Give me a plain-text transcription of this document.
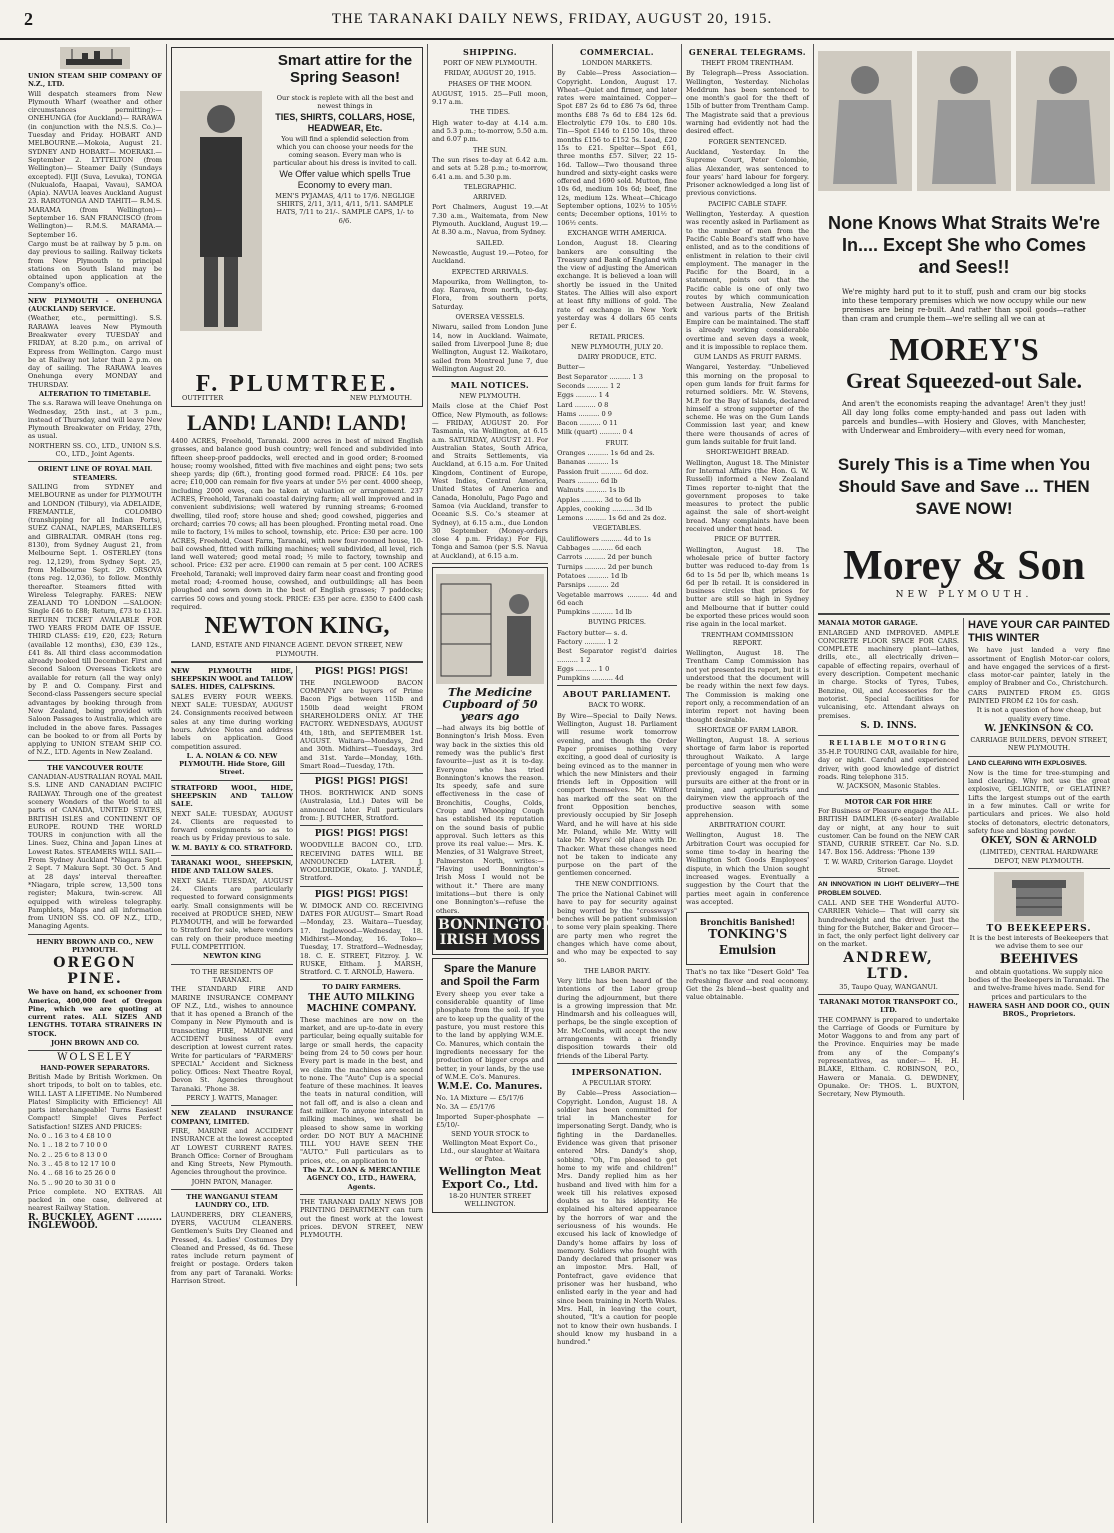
2	THE TARANAKI DAILY NEWS, FRIDAY, AUGUST 20, 1915.

UNION STEAM SHIP COMPANY OF N.Z., LTD.

Will despatch steamers from New Plymouth Wharf (weather and other circumstances permitting):— ONEHUNGA (for Auckland)— RARAWA (in conjunction with the N.S.S. Co.)—Tuesday and Friday. HOBART AND MELBOURNE.—Mokoia, August 21. SYDNEY AND HOBART— MOERAKI.—September 2. LYTTELTON (from Wellington)— Steamer Daily (Sundays excepted). FIJI (Suva, Levuka), TONGA (Nukualofa, Haapai, Vavau), SAMOA (Apia). NAVUA leaves Auckland August 23. RAROTONGA AND TAHITI— R.M.S. MARAMA (from Wellington)— September 16. SAN FRANCISCO (from Wellington)— R.M.S. MARAMA.—September 16.

Cargo must be at railway by 5 p.m. on day previous to sailing. Railway tickets from New Plymouth to principal stations on South Island may be obtained upon application at the Company's office.

NEW PLYMOUTH - ONEHUNGA (AUCKLAND) SERVICE.

(Weather, etc., permitting). S.S. RARAWA leaves New Plymouth Breakwater every TUESDAY and FRIDAY, at 8.20 p.m., on arrival of Express from Wellington. Cargo must be at Railway not later than 2 p.m. on day of sailing. The RARAWA leaves Onehunga every MONDAY and THURSDAY.

ALTERATION TO TIMETABLE.

The s.s. Rarawa will leave Onehunga on Wednesday, 25th inst., at 3 p.m., instead of Thursday, and will leave New Plymouth Breakwater on Friday, 27th, as usual.

NORTHERN SS. CO., LTD., UNION S.S. CO., LTD., Joint Agents.

ORIENT LINE OF ROYAL MAIL STEAMERS.

SAILING from SYDNEY and MELBOURNE as under for PLYMOUTH and LONDON (Tilbury), via ADELAIDE, FREMANTLE, COLOMBO (transhipping for all Indian Ports), SUEZ CANAL, NAPLES, MARSEILLES and GIBRALTAR. OMRAH (tons reg. 8130), from Sydney August 21, from Melbourne Sept. 1. OSTERLEY (tons reg. 12,129), from Sydney Sept. 25, from Melbourne Sept. 29. ORSOVA (tons reg. 12,036), to follow. Monthly thereafter. Steamers fitted with Wireless Telegraphy. FARES: NEW ZEALAND TO LONDON —SALOON: Single £46 to £88; Return, £73 to £132. RETURN TICKET AVAILABLE FOR TWO YEARS FROM DATE OF ISSUE. THIRD CLASS: £19, £20, £23; Return (available 12 months), £30, £39 12s., £41 8s. All third class accommodation already booked till December. First and Second Saloon Overseas Tickets are available for return (all the way only) by P. and O. Company. First and Second-class Passengers secure special advantages by booking through from New Zealand, being provided with Saloon Passages to Australia, which are included in the above fares. Passages can be booked to or from all Ports by applying to UNION STEAM SHIP CO. of N.Z., LTD. Agents in New Zealand.

THE VANCOUVER ROUTE

CANADIAN-AUSTRALIAN ROYAL MAIL S.S. LINE AND CANADIAN PACIFIC RAILWAY. Through one of the greatest scenery Wonders of the World to all parts of CANADA, UNITED STATES, BRITISH ISLES and CONTINENT OF EUROPE. ROUND THE WORLD TOURS in conjunction with all the Lines. Suez, China and Japan Lines at Lowest Rates. STEAMERS WILL SAIL— From Sydney Auckland *Niagara Sept. 2 Sept. 7 Makura Sept. 30 Oct. 5 And at 28 days' interval thereafter. *Niagara, triple screw, 13,500 tons register; Makura, twin-screw. All equipped with wireless telegraphy. Pamphlets, Maps and all information from UNION SS. CO. OF N.Z., LTD., Managing Agents.

HENRY BROWN AND CO., NEW PLYMOUTH.

OREGON PINE.

We have on hand, ex schooner from America, 400,000 feet of Oregon Pine, which we are quoting at current rates. ALL SIZES AND LENGTHS. TOTARA STRAINERS IN STOCK.

JOHN BROWN AND CO.

WOLSELEY

HAND-POWER SEPARATORS.

British Made by British Workmen. On short tripods, to bolt on to tables, etc. WILL LAST A LIFETIME. No Numbered Plates! Simplicity with Efficiency! All parts interchangeable! Turns Easiest! Compact! Simple! Gives Perfect Satisfaction! SIZES AND PRICES:

No. 0 .. 16 3 to 4 £8 10 0

No. 1 .. 18 2 to 7 10 0 0

No. 2 .. 25 6 to 8 13 0 0

No. 3 .. 45 8 to 12 17 10 0

No. 4 .. 68 16 to 25 26 0 0

No. 5 .. 90 20 to 30 31 0 0

Price complete. NO EXTRAS. All packed in one case, delivered at nearest Railway Station.

R. BUCKLEY, AGENT ........ INGLEWOOD.

Smart attire for the Spring Season!

Our stock is replete with all the best and newest things in

TIES, SHIRTS, COLLARS, HOSE, HEADWEAR, Etc.

You will find a splendid selection from which you can choose your needs for the coming season. Every man who is particular about his dress is invited to call.

We Offer value which spells True Economy to every man.

MEN'S PYJAMAS, 4/11 to 17/6. NEGLIGE SHIRTS, 2/11, 3/11, 4/11, 5/11. SAMPLE HATS, 7/11 to 21/-. SAMPLE CAPS, 1/- to 6/6.

F. PLUMTREE.
OUTFITTER	NEW PLYMOUTH.
LAND! LAND! LAND!

4400 ACRES, Freehold, Taranaki. 2000 acres in best of mixed English grasses, and balance good bush country; well fenced and subdivided into fifteen sheep-proof paddocks, well erected and in good order; 8-roomed house; roomy woolshed, fitted with five machines and eight pens; two sets sheep yards; dip (6ft.), fronting good formed road. PRICE: £4 10s. per acre; £10,000 can remain for five years at under 5½ per cent. 4000 sheep, including 2000 ewes, can be taken at valuation or arrangement. 237 ACRES, Freehold, Taranaki coastal dairying farm; all well improved and in convenient subdivisions; well watered by running streams; 6-roomed dwelling, tiled roof; store house and shed; good cowshed, piggeries and orchard; carries 70 cows; all has been ploughed. Fronting metal road. One mile to factory, 1¼ miles to school, township, etc. Price: £30 per acre. 100 ACRES, Freehold, Coast Farm, Taranaki, with new four-roomed house, 10-bail cowshed, fitted with milking machines; well subdivided, all level, rich land well watered; good metal road; ½ mile to factory, township and school. Price: £32 per acre. £1900 can remain at 5 per cent. 100 ACRES Freehold, Taranaki; well improved dairy farm near coast and fronting good metal road; 4-roomed house, cowshed, and outbuildings; all has been ploughed and sown down in the best of English grasses; 7 paddocks; carries 50 cows and young stock. PRICE: £35 per acre. £350 to £400 cash required.

NEWTON KING,

LAND, ESTATE AND FINANCE AGENT. DEVON STREET, NEW PLYMOUTH.

NEW PLYMOUTH HIDE, SHEEPSKIN WOOL and TALLOW SALES. HIDES, CALFSKINS.

SALES EVERY FOUR WEEKS. NEXT SALE: TUESDAY, AUGUST 24. Consignments received between sales at any time during working hours. Advice Notes and address labels on application. Good competition assured.

L. A. NOLAN & CO. NEW PLYMOUTH. Hide Store, Gill Street.

STRATFORD WOOL, HIDE, SHEEPSKIN AND TALLOW SALE.

NEXT SALE: TUESDAY, AUGUST 24. Clients are requested to forward consignments so as to reach us by Friday previous to sale.

W. M. BAYLY & CO. STRATFORD.

TARANAKI WOOL, SHEEPSKIN, HIDE AND TALLOW SALES.

NEXT SALE: TUESDAY, AUGUST 24. Clients are particularly requested to forward consignments early. Small consignments will be received at PRODUCE SHED, NEW PLYMOUTH, and will be forwarded to Stratford for sale, where vendors can rely on their produce meeting FULL COMPETITION.

NEWTON KING

TO THE RESIDENTS OF TARANAKI.

THE STANDARD FIRE AND MARINE INSURANCE COMPANY OF N.Z., Ltd., wishes to announce that it has opened a Branch of the Company in New Plymouth and is transacting FIRE, MARINE and ACCIDENT business of every description at lowest current rates. Write for particulars of "FARMERS' SPECIAL" Accident and Sickness policy. Offices: Next Theatre Royal, Devon St. Agencies throughout Taranaki. 'Phone 38.

PERCY J. WATTS, Manager.

NEW ZEALAND INSURANCE COMPANY, LIMITED.

FIRE, MARINE and ACCIDENT INSURANCE at the lowest accepted AT LOWEST CURRENT RATES. Branch Office: Corner of Brougham and King Streets, New Plymouth. Agencies throughout the province.

JOHN PATON, Manager.

THE WANGANUI STEAM LAUNDRY CO., LTD.

LAUNDERERS, DRY CLEANERS, DYERS, VACUUM CLEANERS. Gentlemen's Suits Dry Cleaned and Pressed, 4s. Ladies' Costumes Dry Cleaned and Pressed, 4s 6d. These rates include return payment of freight or postage. Orders taken from any part of Taranaki. Works: Harrison Street.

PIGS! PIGS! PIGS!

THE INGLEWOOD BACON COMPANY are buyers of Prime Bacon Pigs between 115lb and 150lb dead weight FROM SHAREHOLDERS ONLY. AT THE FACTORY. WEDNESDAYS, AUGUST 4th, 18th, and SEPTEMBER 1st. AUGUST. Waitara—Mondays, 2nd and 30th. Midhirst—Tuesdays, 3rd and 31st. Yarde—Monday, 16th. Smart Road—Tuesday, 17th.

PIGS! PIGS! PIGS!

THOS. BORTHWICK AND SONS (Australasia, Ltd.) Dates will be announced later. Full particulars from: J. BUTCHER, Stratford.

PIGS! PIGS! PIGS!

WOODVILLE BACON CO., LTD. RECEIVING DATES WILL BE ANNOUNCED LATER. J. WOOLDRIDGE, Okato. J. YANDLE, Stratford.

PIGS! PIGS! PIGS!

W. DIMOCK AND CO. RECEIVING DATES FOR AUGUST— Smart Road—Monday, 23. Waitara—Tuesday, 17. Inglewood—Wednesday, 18. Midhirst—Monday, 16. Toko—Tuesday, 17. Stratford—Wednesday, 18. C. E. STREET, Fitzroy. J. W. RUSKE, Eltham. J. MARSH, Stratford. C. T. ARNOLD, Hawera.

TO DAIRY FARMERS.

THE AUTO MILKING MACHINE COMPANY.

These machines are now on the market, and are up-to-date in every particular, being equally suitable for large or small herds, the capacity being from 24 to 50 cows per hour. Every part is made in the best, and we claim the machines are second to none. The "Auto" Cup is a special feature of these machines. It leaves the teats in natural condition, will not fall off, and is also a clean and fast milker. To anyone interested in milking machines, we shall be pleased to show same in working order. DO NOT BUY A MACHINE TILL YOU HAVE SEEN THE "AUTO." Full particulars as to prices, etc., on application to

The N.Z. LOAN & MERCANTILE AGENCY CO., LTD., HAWERA, Agents.

THE TARANAKI DAILY NEWS JOB PRINTING DEPARTMENT can turn out the finest work at the lowest prices. DEVON STREET, NEW PLYMOUTH.

SHIPPING.
PORT OF NEW PLYMOUTH.
FRIDAY, AUGUST 20, 1915.
PHASES OF THE MOON.

AUGUST, 1915. 25—Full moon, 9.17 a.m.

THE TIDES.

High water to-day at 4.14 a.m. and 5.3 p.m.; to-morrow, 5.50 a.m. and 6.07 p.m.

THE SUN.

The sun rises to-day at 6.42 a.m. and sets at 5.28 p.m.; to-morrow, 6.41 a.m. and 5.30 p.m.

TELEGRAPHIC.
ARRIVED.

Port Chalmers, August 19.—At 7.30 a.m., Waitemata, from New Plymouth. Auckland, August 19.—At 8.30 a.m., Navua, from Sydney.

SAILED.

Newcastle, August 19.—Poteo, for Auckland.

EXPECTED ARRIVALS.

Mapourika, from Wellington, to-day. Rarawa, from north, to-day. Flora, from southern ports, Saturday.

OVERSEA VESSELS.

Niwaru, sailed from London June 14, now in Auckland. Waimate, sailed from Liverpool June 8; due Wellington, August 12. Waikotaro, sailed from Montreal June 7, due Wellington August 20.

MAIL NOTICES.
NEW PLYMOUTH.

Mails close at the Chief Post Office, New Plymouth, as follows:— FRIDAY, AUGUST 20. For Tasmania, via Wellington, at 6.15 a.m. SATURDAY, AUGUST 21. For Australian States, South Africa, and Straits Settlements, via Auckland, at 6.15 a.m. For United Kingdom, Continent of Europe, West Indies, Central America, United States of America and Canada, Honolulu, Pago Pago and Samoa (via Auckland, transfer to Oceanic S.S. Co.'s steamer at Sydney), at 6.15 a.m., due London 30 September. (Money-orders close 4 p.m. Friday.) For Fiji, Tonga and Samoa (per S.S. Navua at Auckland), at 6.15 a.m.

The Medicine Cupboard of 50 years ago

—had always its big bottle of Bonnington's Irish Moss. Even way back in the sixties this old remedy was the public's first favourite—just as it is to-day. Everyone who has tried Bonnington's knows the reason. Its speedy, safe and sure effectiveness in the case of Bronchitis, Coughs, Colds, Croup and Whooping Cough has established its reputation on the sound basis of public approval. Such letters as this prove its real value:— Mrs. K. Menzies, of 31 Walgrave Street, Palmerston North, writes:— "Having used Bonnington's Irish Moss I would not be without it." There are many imitations—but there is only one Bonnington's—refuse the others.

BONNINGTON'S IRISH MOSS

Spare the Manure and Spoil the Farm

Every sheep you ever take a considerable quantity of lime phosphate from the soil. If you are to keep up the quality of the pasture, you must restore this to the land by applying W.M.E. Co. Manures, which contain the ingredients necessary for the production of bigger crops and better, in your lands, by the use of W.M.E. Co's. Manures.

W.M.E. Co. Manures.

No. 1A Mixture — £5/17/6

No. 3A — £5/17/6

Imported Super-phosphate — £5/10/-

SEND YOUR STOCK to Wellington Meat Export Co., Ltd., our slaughter at Waitara or Patea.

Wellington Meat Export Co., Ltd.

18-20 HUNTER STREET WELLINGTON.

COMMERCIAL.
LONDON MARKETS.

By Cable—Press Association—Copyright. London, August 17. Wheat—Quiet and firmer, and later rates were maintained. Copper—Spot £87 2s 6d to £86 7s 6d, three months £88 7s 6d to £84 12s 6d. Electrolytic £79 10s. to £80 10s. Tin—Spot £146 to £150 10s, three months £156 to £152 5s. Lead, £20 15s to £21. Spelter—Spot £61, three months £57. Silver, 22 15-16d. Tallow—Two thousand three hundred and sixty-eight casks were offered and 1690 sold. Mutton, fine 10s 6d, medium 10s 6d; beef, fine 12s, medium 12s. Wheat—Chicago September options, 102½ to 105½ cents; December options, 101½ to 106½ cents.

EXCHANGE WITH AMERICA.

London, August 18. Clearing bankers are consulting the Treasury and Bank of England with the view of adjusting the American exchange. It is believed a loan will shortly be issued in the United States. The Allies will also export at least fifty millions of gold. The rate of exchange in New York yesterday was 4 dollars 65 cents per £.

RETAIL PRICES.
NEW PLYMOUTH, JULY 20.
DAIRY PRODUCE, ETC.

Butter—

Best Separator .......... 1 3

Seconds .......... 1 2

Eggs .......... 1 4

Lard .......... 0 8

Hams .......... 0 9

Bacon .......... 0 11

Milk (quart) .......... 0 4

FRUIT.

Oranges .......... 1s 6d and 2s.

Bananas .......... 1s

Passion fruit .......... 6d doz.

Pears .......... 6d lb

Walnuts .......... 1s lb

Apples .......... 3d to 6d lb

Apples, cooking .......... 3d lb

Lemons .......... 1s 6d and 2s doz.

VEGETABLES.

Cauliflowers .......... 4d to 1s

Cabbages .......... 6d each

Carrots .......... 2d per bunch

Turnips .......... 2d per bunch

Potatoes .......... 1d lb

Parsnips .......... 2d

Vegetable marrows .......... 4d and 6d each

Pumpkins .......... 1d lb

BUYING PRICES.

Factory butter— s. d.

Factory .......... 1 2

Best Separator regist'd dairies .......... 1 2

Eggs .......... 1 0

Pumpkins .......... 4d

ABOUT PARLIAMENT.
BACK TO WORK.

By Wire—Special to Daily News. Wellington, August 18. Parliament will resume work tomorrow evening, and though the Order Paper promises nothing very exciting, a good deal of curiosity is being evinced as to the manner in which the new Ministers and their friends left in Opposition will comport themselves. Mr. Wilford has marked off the seat on the front Opposition benches, previously occupied by Sir Joseph Ward, and he will have at his side Mr. Poland, while Mr. Witty will take Mr. Myers' old place with Dr. Thacker. What these changes need not be taken to indicate any purpose on the part of the gentlemen concerned.

THE NEW CONDITIONS.

The price the National Cabinet will have to pay for security against being worried by the "crossways" benches will be patient submission to some very plain speaking. There are party men who regret the changes which have come about, and who may be expected to say so.

THE LABOR PARTY.

Very little has been heard of the intentions of the Labor group during the adjournment, but there is a growing impression that Mr. Hindmarsh and his colleagues will, perhaps, be the single exception of Mr. McCombs, will accept the new arrangements with a friendly disposition towards their old friends of the Liberal Party.

IMPERSONATION.
A PECULIAR STORY.

By Cable—Press Association—Copyright. London, August 18. A soldier has been committed for trial in Manchester for impersonating Sergt. Dandy, who is fighting in the Dardanelles. Evidence was given that prisoner entered Mrs. Dandy's shop, sobbing. "Oh, I'm pleased to get home to my wife and children!" Mrs. Dandy replied him as her husband and lived with him for a week till his relatives exposed doubts as to his identity. He explained his altered appearance by the horrors of war and the seriousness of his wounds. He excused his lack of knowledge of Dandy's home affairs by loss of memory. Soldiers who fought with Dandy declared that prisoner was an impostor. Mrs. Hall, of Pontefract, gave evidence that prisoner was her husband, who enlisted early in the year and had since been training in North Wales. Mrs. Hall, in leaving the court, shouted, "It's a caution for people not to know their own husbands. I should know my husband in a hundred."

GENERAL TELEGRAMS.
THEFT FROM TRENTHAM.

By Telegraph—Press Association. Wellington, Yesterday. Nicholas Meddrum has been sentenced to one month's gaol for the theft of 15lb of butter from Trentham Camp. The Magistrate said that a previous warning had evidently not had the desired effect.

FORGER SENTENCED.

Auckland, Yesterday. In the Supreme Court, Peter Colombie, alias Alexander, was sentenced to four years' hard labour for forgery. Prisoner acknowledged a long list of previous convictions.

PACIFIC CABLE STAFF.

Wellington, Yesterday. A question was recently asked in Parliament as to the number of men from the Pacific Cable Board's staff who have enlisted, and as to the conditions of enlistment in relation to their civil employment. The manager in the Pacific for the Board, in a statement, points out that the Pacific cable is one of only two routes by which communication between Australia, New Zealand and various parts of the British Empire can be maintained. The staff is already working considerable overtime and seven days a week, and it is impossible to replace them.

GUM LANDS AS FRUIT FARMS.

Wangarei, Yesterday. "Unbelieved this morning on the proposal to open gum lands for fruit farms for returned soldiers. Mr. W. Stevens, M.P. for the Bay of Islands, declared himself a strong supporter of the scheme. He was on the Gum Lands Commission last year, and knew there were thousands of acres of gum lands suitable for fruit land.

SHORT-WEIGHT BREAD.

Wellington, August 18. The Minister for Internal Affairs (the Hon. G. W. Russell) informed a New Zealand Times reporter to-night that the government proposes to take measures to protect the public against the sale of short-weight bread. Many complaints have been received under that head.

PRICE OF BUTTER.

Wellington, August 18. The wholesale price of butter factory butter was reduced to-day from 1s 6d to 1s 5d per lb, which means 1s 6d per lb retail. It is considered in business circles that prices for butter are still so high in Sydney and Melbourne that if butter could be exported these prices would soon rise again in the local market.

TRENTHAM COMMISSION REPORT.

Wellington, August 18. The Trentham Camp Commission has not yet presented its report, but it is understood that the document will be ready within the next few days. The Commission is making one report only, a recommendation of an interim report not having been thought desirable.

SHORTAGE OF FARM LABOR.

Wellington, August 18. A serious shortage of farm labor is reported throughout Waikato. A large percentage of young men who were previously engaged in farming pursuits are either at the front or in training, and agriculturists and dairymen view the approach of the productive season with some apprehension.

ARBITRATION COURT.

Wellington, August 18. The Arbitration Court was occupied for some time to-day in hearing the Wellington Soft Goods Employees' dispute, in which the Union sought increased wages. Eventually a suggestion by the Court that the parties meet again in conference was accepted.

Bronchitis Banished!

TONKING'S Emulsion

That's no tax like "Desert Gold" Tea refreshing flavor and real economy. Get the 2s blend—best quality and value obtainable.

None Knows What Straits We're In.... Except She who Comes and Sees!!

We're mighty hard put to it to stuff, push and cram our big stocks into these temporary premises which we now occupy while our new premises are being re-built. And rather than spoil goods—rather than cram and crumple them—we're selling all we can at

MOREY'S
Great Squeezed-out Sale.

And aren't the economists reaping the advantage! Aren't they just! All day long folks come empty-handed and pass out laden with parcels and bundles—with Hosiery and Gloves, with Manchester, with Underwear and Embroidery—with every need for woman,

Surely This is a Time when You Should Save and Save ... THEN SAVE NOW!
Morey & Son

NEW PLYMOUTH.

MANAIA MOTOR GARAGE.

ENLARGED AND IMPROVED. AMPLE CONCRETE FLOOR SPACE FOR CARS. COMPLETE machinery plant—lathes, drills, etc., all electrically driven—capable of effecting repairs, overhaul of every description. Competent mechanic in charge. Stocks of Tyres, Tubes, Benzine, Oil, and Accessories for the motorist. Special facilities for vulcanising, etc. Attendant always on premises.

S. D. INNS.

RELIABLE MOTORING

35-H.P. TOURING CAR, available for hire, day or night. Careful and experienced driver, with good knowledge of district roads. Ring telephone 315.

W. JACKSON, Masonic Stables.

MOTOR CAR FOR HIRE

For Business or Pleasure engage the ALL-BRITISH DAIMLER (6-seater) Available day or night, at any hour to suit customer. Can be found on the NEW CAR STAND, CURRIE STREET. Car No. S.D. 147. Box 156. Address: 'Phone 139

T. W. WARD, Criterion Garage. Lloydet Street.

AN INNOVATION IN LIGHT DELIVERY—THE PROBLEM SOLVED.

CALL AND SEE THE Wonderful AUTO-CARRIER Vehicle— That will carry six hundredweight and the driver. Just the thing for the Butcher, Baker and Grocer—in fact, the only perfect light delivery car on the market.

ANDREW, LTD.

35, Taupo Quay, WANGANUI.

TARANAKI MOTOR TRANSPORT CO., LTD.

THE COMPANY is prepared to undertake the Carriage of Goods or Furniture by Motor Waggons to and from any part of the Province. Enquiries may be made from any of the Company's representatives, as under:— H. H. BLAKE, Eltham. C. ROBINSON, P.O., Hawera or Manaia. G. DEWDNEY, Opunake. Or: THOS. L. BUXTON, Secretary, New Plymouth.

HAVE YOUR CAR PAINTED THIS WINTER

We have just landed a very fine assortment of English Motor-car colors, and have engaged the services of a first-class motor-car painter, lately in the employ of Brabner and Co., Christchurch.

CARS PAINTED FROM £5. GIGS PAINTED FROM £2 10s for cash.

It is not a question of how cheap, but quality every time.

W. JENKINSON & CO.

CARRIAGE BUILDERS, DEVON STREET, NEW PLYMOUTH.

LAND CLEARING WITH EXPLOSIVES.

Now is the time for tree-stumping and land clearing. Why not use the great explosive, GELIGNITE, or GELATINE? Lifts the largest stumps out of the earth in a few minutes. Call or write for particulars and prices. We also hold stocks of detonators, electric detonators, safety fuse and blasting powder.

OKEY, SON & ARNOLD

(LIMITED), CENTRAL HARDWARE DEPOT, NEW PLYMOUTH.

TO BEEKEEPERS.

It is the best interests of Beekeepers that we advise them to see our

BEEHIVES

and obtain quotations. We supply nice bodies of the Beekeepers in Taranaki. The and twelve-frame hives made. Send for prices and particulars to the

HAWERA SASH AND DOOR CO., QUIN BROS., Proprietors.
